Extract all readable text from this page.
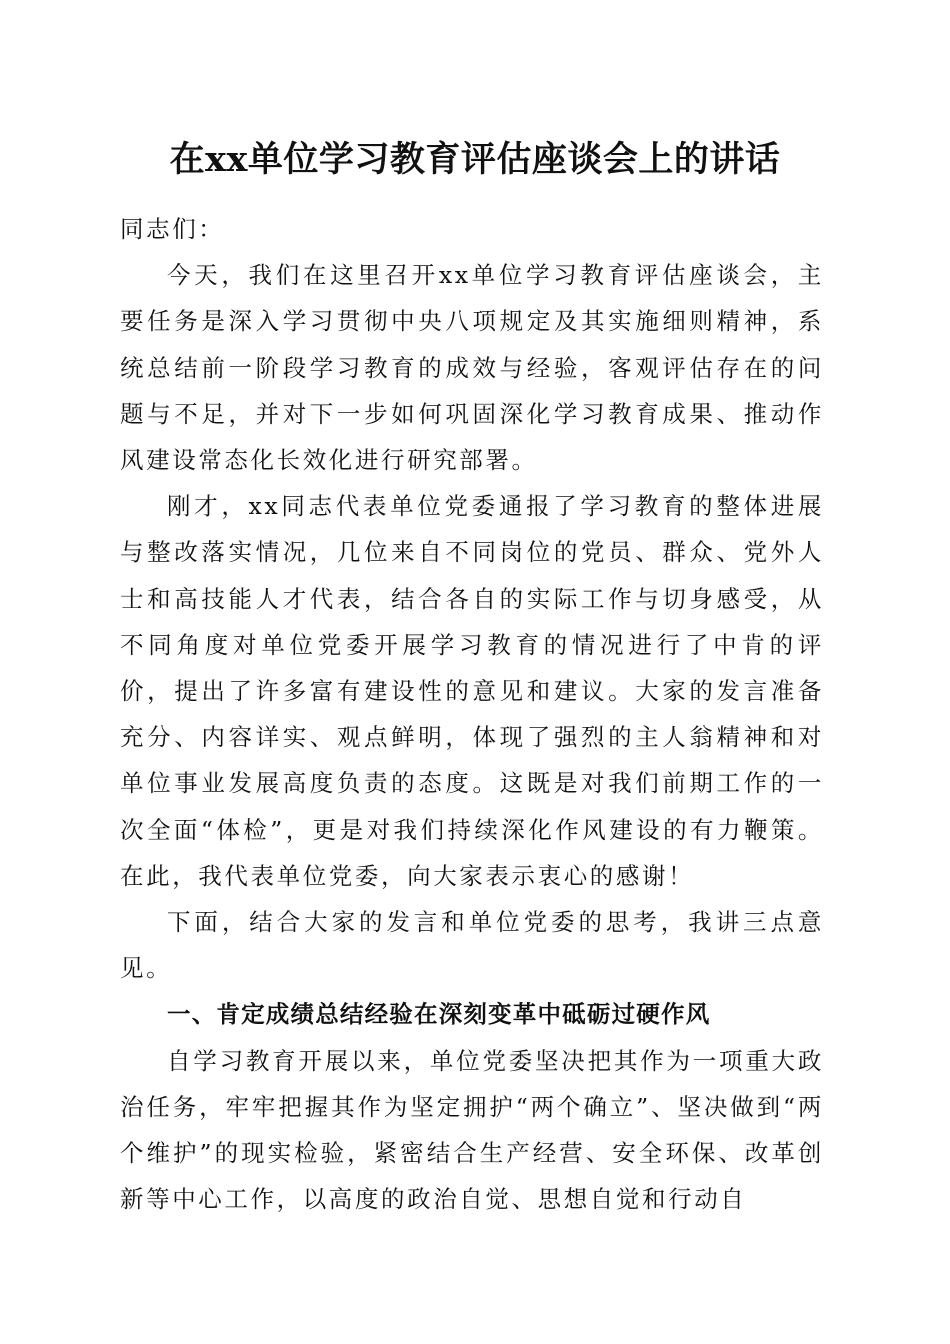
在xx单位学习教育评估座谈会上的讲话

同志们：

今天，我们在这里召开xx单位学习教育评估座谈会，主要任务是深入学习贯彻中央八项规定及其实施细则精神，系统总结前一阶段学习教育的成效与经验，客观评估存在的问题与不足，并对下一步如何巩固深化学习教育成果、推动作风建设常态化长效化进行研究部署。

刚才，xx同志代表单位党委通报了学习教育的整体进展与整改落实情况，几位来自不同岗位的党员、群众、党外人士和高技能人才代表，结合各自的实际工作与切身感受，从不同角度对单位党委开展学习教育的情况进行了中肯的评价，提出了许多富有建设性的意见和建议。大家的发言准备充分、内容详实、观点鲜明，体现了强烈的主人翁精神和对单位事业发展高度负责的态度。这既是对我们前期工作的一次全面“体检”，更是对我们持续深化作风建设的有力鞭策。在此，我代表单位党委，向大家表示衷心的感谢！

下面，结合大家的发言和单位党委的思考，我讲三点意见。

一、肯定成绩总结经验在深刻变革中砥砺过硬作风

自学习教育开展以来，单位党委坚决把其作为一项重大政治任务，牢牢把握其作为坚定拥护“两个确立”、坚决做到“两个维护”的现实检验，紧密结合生产经营、安全环保、改革创新等中心工作，以高度的政治自觉、思想自觉和行动自
